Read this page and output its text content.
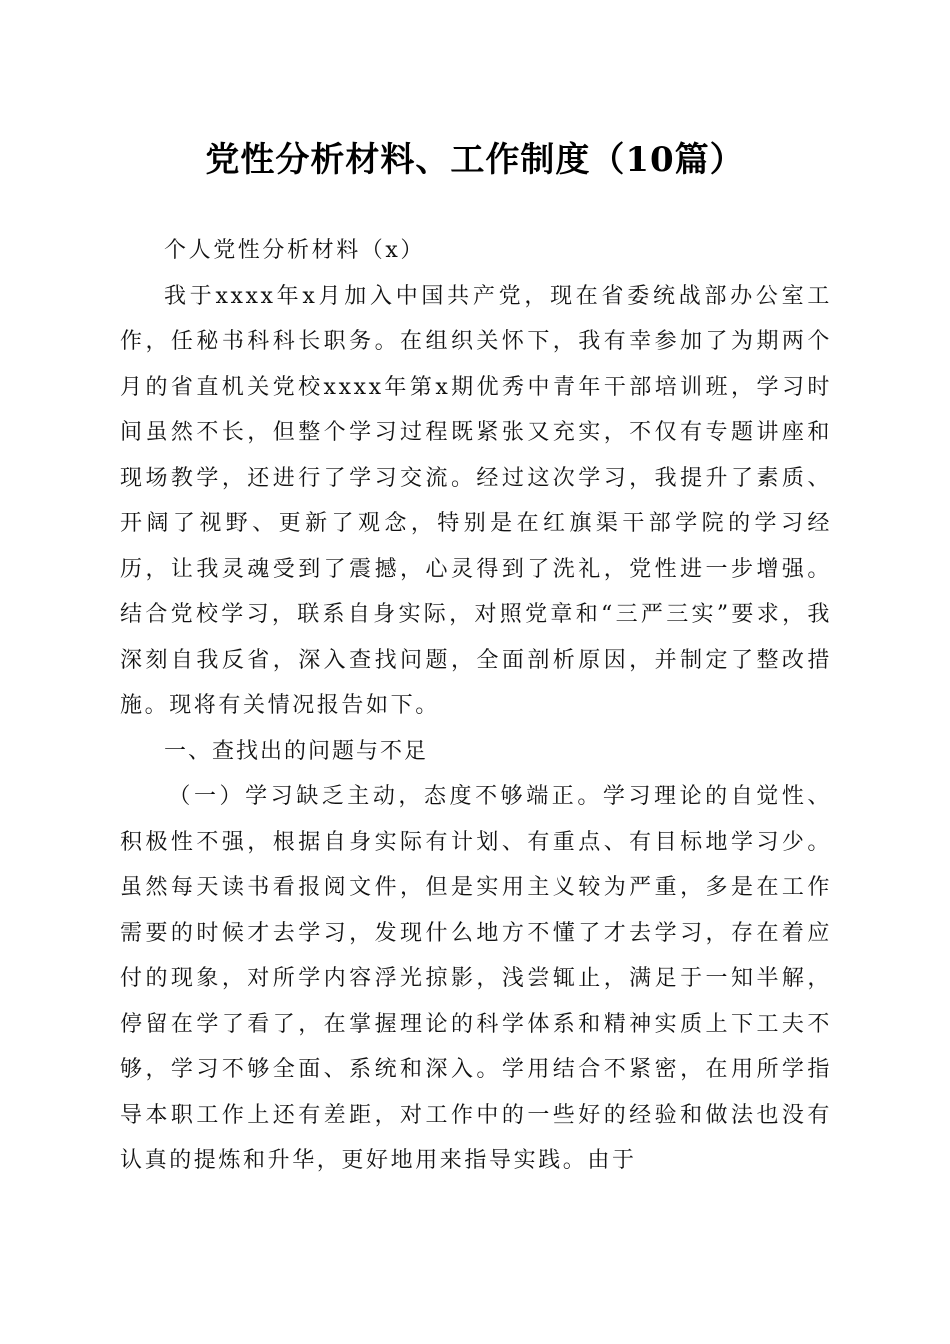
党性分析材料、工作制度（10篇）

个人党性分析材料（x）

我于xxxx年x月加入中国共产党，现在省委统战部办公室工作，任秘书科科长职务。在组织关怀下，我有幸参加了为期两个月的省直机关党校xxxx年第x期优秀中青年干部培训班，学习时间虽然不长，但整个学习过程既紧张又充实，不仅有专题讲座和现场教学，还进行了学习交流。经过这次学习，我提升了素质、开阔了视野、更新了观念，特别是在红旗渠干部学院的学习经历，让我灵魂受到了震撼，心灵得到了洗礼，党性进一步增强。结合党校学习，联系自身实际，对照党章和“三严三实”要求，我深刻自我反省，深入查找问题，全面剖析原因，并制定了整改措施。现将有关情况报告如下。

一、查找出的问题与不足

（一）学习缺乏主动，态度不够端正。学习理论的自觉性、积极性不强，根据自身实际有计划、有重点、有目标地学习少。虽然每天读书看报阅文件，但是实用主义较为严重，多是在工作需要的时候才去学习，发现什么地方不懂了才去学习，存在着应付的现象，对所学内容浮光掠影，浅尝辄止，满足于一知半解，停留在学了看了，在掌握理论的科学体系和精神实质上下工夫不够，学习不够全面、系统和深入。学用结合不紧密，在用所学指导本职工作上还有差距，对工作中的一些好的经验和做法也没有认真的提炼和升华，更好地用来指导实践。由于
